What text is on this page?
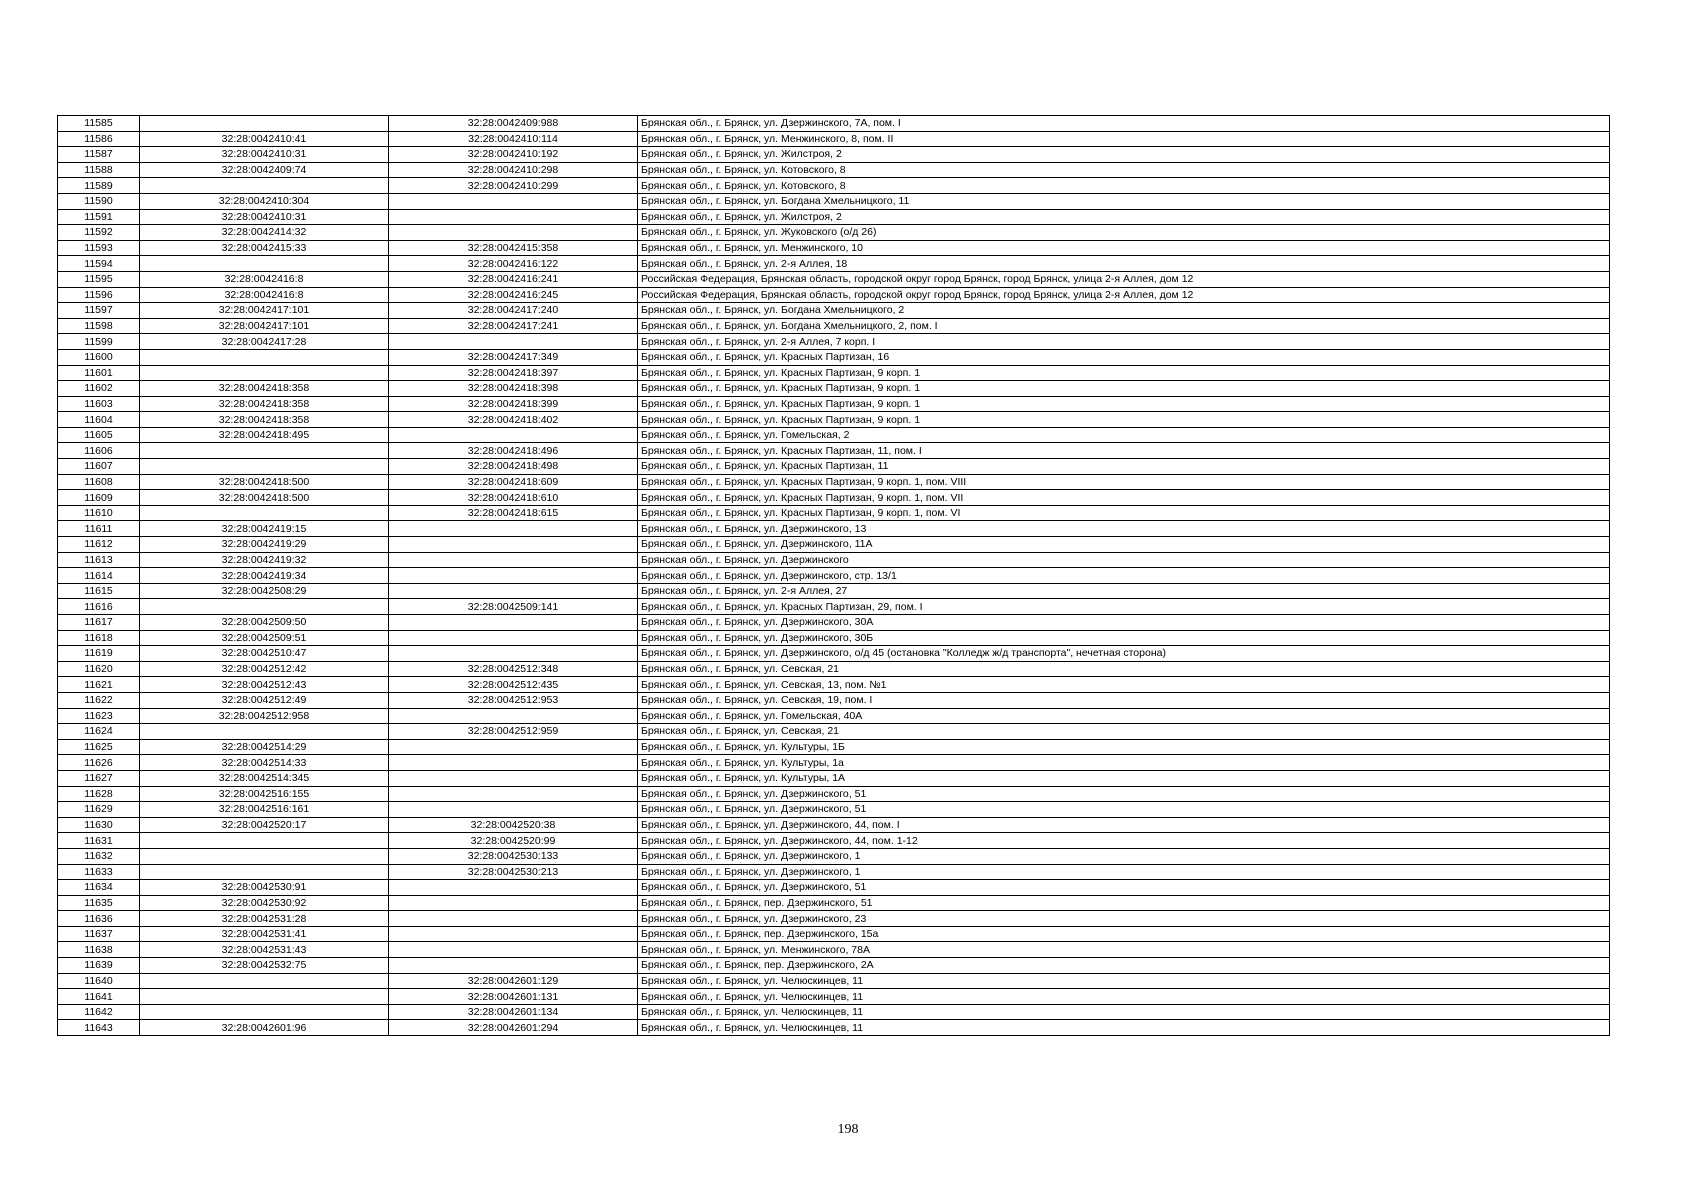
11585		32:28:0042409:988	Брянская обл., г. Брянск, ул. Дзержинского, 7А, пом. I
11586	32:28:0042410:41	32:28:0042410:114	Брянская обл., г. Брянск, ул. Менжинского, 8, пом. II
11587	32:28:0042410:31	32:28:0042410:192	Брянская обл., г. Брянск, ул. Жилстроя, 2
11588	32:28:0042409:74	32:28:0042410:298	Брянская обл., г. Брянск, ул. Котовского, 8
11589		32:28:0042410:299	Брянская обл., г. Брянск, ул. Котовского, 8
11590	32:28:0042410:304		Брянская обл., г. Брянск, ул. Богдана Хмельницкого, 11
11591	32:28:0042410:31		Брянская обл., г. Брянск, ул. Жилстроя, 2
11592	32:28:0042414:32		Брянская обл., г. Брянск, ул. Жуковского (о/д 26)
11593	32:28:0042415:33	32:28:0042415:358	Брянская обл., г. Брянск, ул. Менжинского, 10
11594		32:28:0042416:122	Брянская обл., г. Брянск, ул. 2-я Аллея, 18
11595	32:28:0042416:8	32:28:0042416:241	Российская Федерация, Брянская область, городской округ город Брянск, город Брянск, улица 2-я Аллея, дом 12
11596	32:28:0042416:8	32:28:0042416:245	Российская Федерация, Брянская область, городской округ город Брянск, город Брянск, улица 2-я Аллея, дом 12
11597	32:28:0042417:101	32:28:0042417:240	Брянская обл., г. Брянск, ул. Богдана Хмельницкого, 2
11598	32:28:0042417:101	32:28:0042417:241	Брянская обл., г. Брянск, ул. Богдана Хмельницкого, 2, пом. I
11599	32:28:0042417:28		Брянская обл., г. Брянск, ул. 2-я Аллея, 7 корп. I
11600		32:28:0042417:349	Брянская обл., г. Брянск, ул. Красных Партизан, 16
11601		32:28:0042418:397	Брянская обл., г. Брянск, ул. Красных Партизан, 9 корп. 1
11602	32:28:0042418:358	32:28:0042418:398	Брянская обл., г. Брянск, ул. Красных Партизан, 9 корп. 1
11603	32:28:0042418:358	32:28:0042418:399	Брянская обл., г. Брянск, ул. Красных Партизан, 9 корп. 1
11604	32:28:0042418:358	32:28:0042418:402	Брянская обл., г. Брянск, ул. Красных Партизан, 9 корп. 1
11605	32:28:0042418:495		Брянская обл., г. Брянск, ул. Гомельская, 2
11606		32:28:0042418:496	Брянская обл., г. Брянск, ул. Красных Партизан, 11, пом. I
11607		32:28:0042418:498	Брянская обл., г. Брянск, ул. Красных Партизан, 11
11608	32:28:0042418:500	32:28:0042418:609	Брянская обл., г. Брянск, ул. Красных Партизан, 9 корп. 1, пом. VIII
11609	32:28:0042418:500	32:28:0042418:610	Брянская обл., г. Брянск, ул. Красных Партизан, 9 корп. 1, пом. VII
11610		32:28:0042418:615	Брянская обл., г. Брянск, ул. Красных Партизан, 9 корп. 1, пом. VI
11611	32:28:0042419:15		Брянская обл., г. Брянск, ул. Дзержинского, 13
11612	32:28:0042419:29		Брянская обл., г. Брянск, ул. Дзержинского, 11А
11613	32:28:0042419:32		Брянская обл., г. Брянск, ул. Дзержинского
11614	32:28:0042419:34		Брянская обл., г. Брянск, ул. Дзержинского, стр. 13/1
11615	32:28:0042508:29		Брянская обл., г. Брянск, ул. 2-я Аллея, 27
11616		32:28:0042509:141	Брянская обл., г. Брянск, ул. Красных Партизан, 29, пом. I
11617	32:28:0042509:50		Брянская обл., г. Брянск, ул. Дзержинского, 30А
11618	32:28:0042509:51		Брянская обл., г. Брянск, ул. Дзержинского, 30Б
11619	32:28:0042510:47		Брянская обл., г. Брянск, ул. Дзержинского, о/д 45 (остановка "Колледж ж/д транспорта", нечетная сторона)
11620	32:28:0042512:42	32:28:0042512:348	Брянская обл., г. Брянск, ул. Севская, 21
11621	32:28:0042512:43	32:28:0042512:435	Брянская обл., г. Брянск, ул. Севская, 13, пом. №1
11622	32:28:0042512:49	32:28:0042512:953	Брянская обл., г. Брянск, ул. Севская, 19, пом. I
11623	32:28:0042512:958		Брянская обл., г. Брянск, ул. Гомельская, 40А
11624		32:28:0042512:959	Брянская обл., г. Брянск, ул. Севская, 21
11625	32:28:0042514:29		Брянская обл., г. Брянск, ул. Культуры, 1Б
11626	32:28:0042514:33		Брянская обл., г. Брянск, ул. Культуры, 1а
11627	32:28:0042514:345		Брянская обл., г. Брянск, ул. Культуры, 1А
11628	32:28:0042516:155		Брянская обл., г. Брянск, ул. Дзержинского, 51
11629	32:28:0042516:161		Брянская обл., г. Брянск, ул. Дзержинского, 51
11630	32:28:0042520:17	32:28:0042520:38	Брянская обл., г. Брянск, ул. Дзержинского, 44, пом. I
11631		32:28:0042520:99	Брянская обл., г. Брянск, ул. Дзержинского, 44, пом. 1-12
11632		32:28:0042530:133	Брянская обл., г. Брянск, ул. Дзержинского, 1
11633		32:28:0042530:213	Брянская обл., г. Брянск, ул. Дзержинского, 1
11634	32:28:0042530:91		Брянская обл., г. Брянск, ул. Дзержинского, 51
11635	32:28:0042530:92		Брянская обл., г. Брянск, пер. Дзержинского, 51
11636	32:28:0042531:28		Брянская обл., г. Брянск, ул. Дзержинского, 23
11637	32:28:0042531:41		Брянская обл., г. Брянск, пер. Дзержинского, 15а
11638	32:28:0042531:43		Брянская обл., г. Брянск, ул. Менжинского, 78А
11639	32:28:0042532:75		Брянская обл., г. Брянск, пер. Дзержинского, 2А
11640		32:28:0042601:129	Брянская обл., г. Брянск, ул. Челюскинцев, 11
11641		32:28:0042601:131	Брянская обл., г. Брянск, ул. Челюскинцев, 11
11642		32:28:0042601:134	Брянская обл., г. Брянск, ул. Челюскинцев, 11
11643	32:28:0042601:96	32:28:0042601:294	Брянская обл., г. Брянск, ул. Челюскинцев, 11
198
